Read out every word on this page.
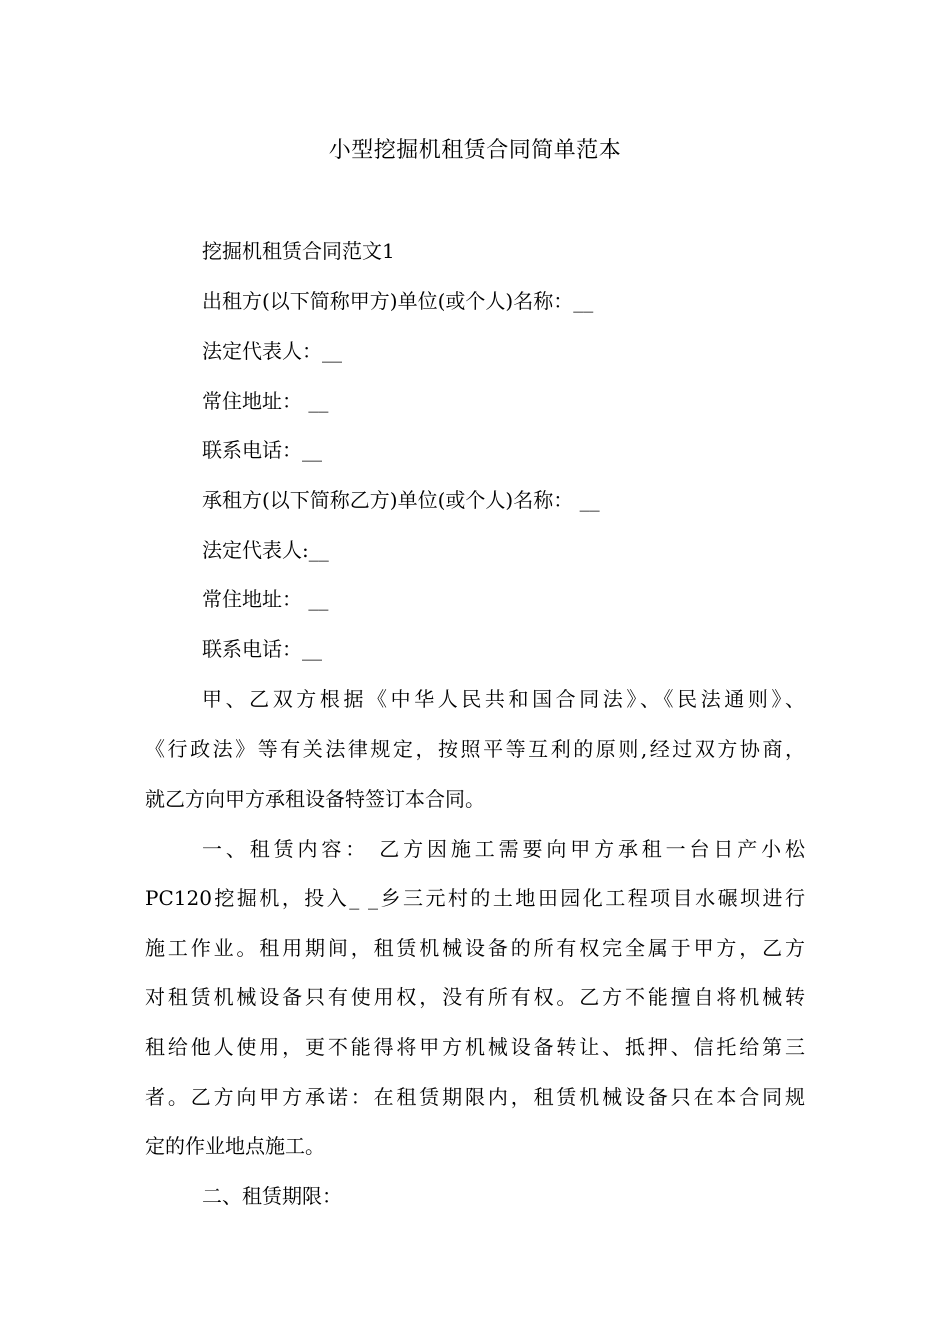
小型挖掘机租赁合同简单范本
挖掘机租赁合同范文1
出租方(以下简称甲方)单位(或个人)名称：__
法定代表人：__
常住地址： __
联系电话：__
承租方(以下简称乙方)单位(或个人)名称： __
法定代表人:__
常住地址： __
联系电话：__
甲、乙双方根据《中华人民共和国合同法》、《民法通则》、
《行政法》等有关法律规定，按照平等互利的原则,经过双方协商，
就乙方向甲方承租设备特签订本合同。
一、租赁内容： 乙方因施工需要向甲方承租一台日产小松
PC120挖掘机，投入_ _乡三元村的土地田园化工程项目水碾坝进行
施工作业。租用期间，租赁机械设备的所有权完全属于甲方，乙方
对租赁机械设备只有使用权，没有所有权。乙方不能擅自将机械转
租给他人使用，更不能得将甲方机械设备转让、抵押、信托给第三
者。乙方向甲方承诺：在租赁期限内，租赁机械设备只在本合同规
定的作业地点施工。
二、租赁期限：
